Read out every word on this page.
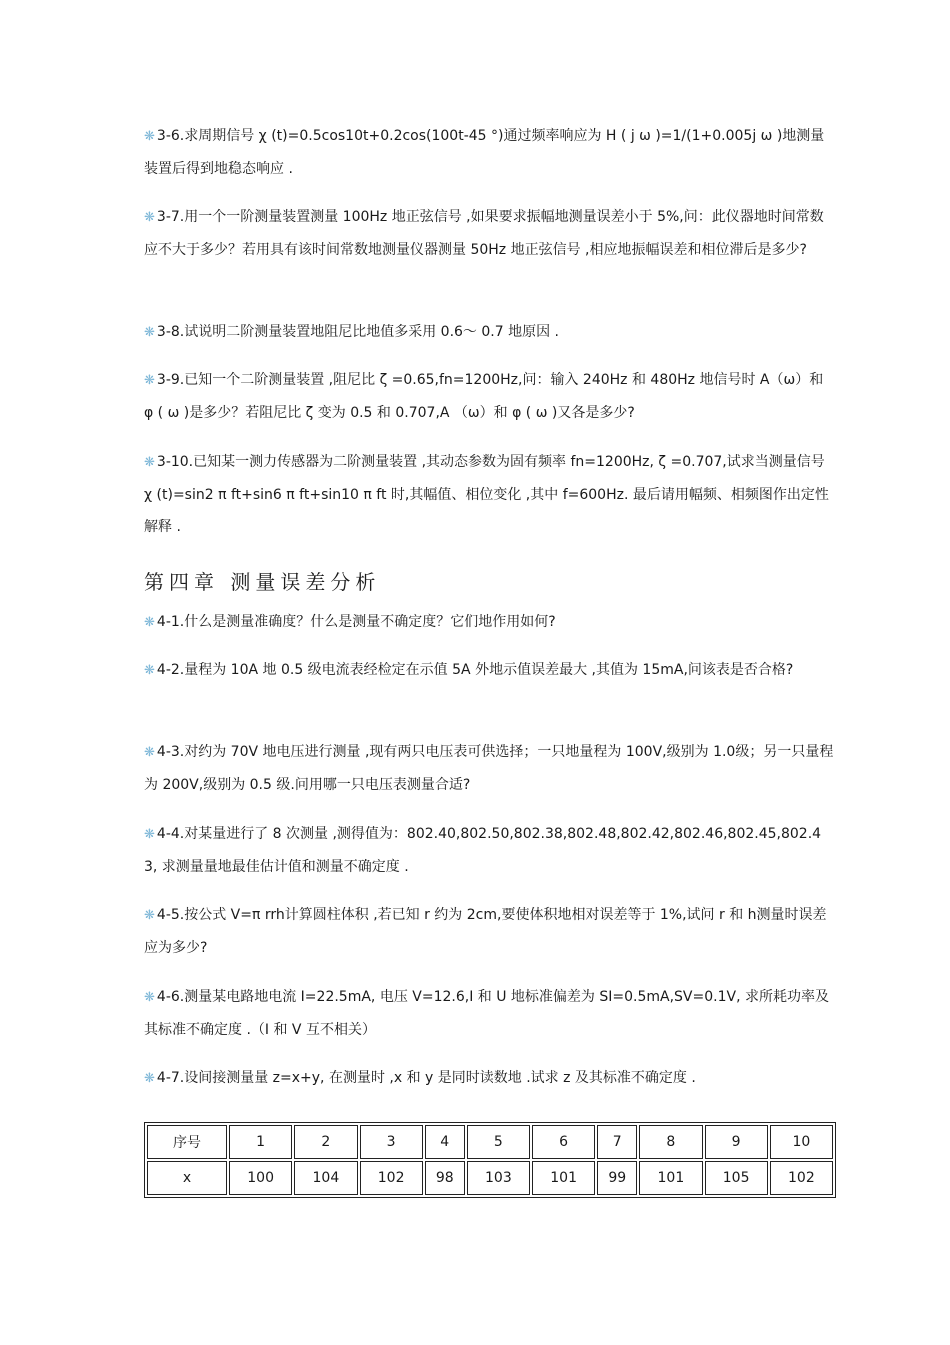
❋ 3-6.求周期信号 χ (t)=0.5cos10t+0.2cos(100t-45 °)通过频率响应为 H ( j ω )=1/(1+0.005j ω )地测量装置后得到地稳态响应 .
❋ 3-7.用一个一阶测量装置测量 100Hz 地正弦信号 ,如果要求振幅地测量误差小于 5%,问：此仪器地时间常数应不大于多少？若用具有该时间常数地测量仪器测量 50Hz 地正弦信号 ,相应地振幅误差和相位滞后是多少?
❋ 3-8.试说明二阶测量装置地阻尼比地值多采用 0.6～ 0.7 地原因 .
❋ 3-9.已知一个二阶测量装置 ,阻尼比 ζ =0.65,fn=1200Hz,问：输入 240Hz 和 480Hz 地信号时 A（ω）和 φ ( ω )是多少？若阻尼比 ζ 变为 0.5 和 0.707,A （ω）和 φ ( ω )又各是多少?
❋ 3-10.已知某一测力传感器为二阶测量装置 ,其动态参数为固有频率 fn=1200Hz, ζ =0.707,试求当测量信号 χ (t)=sin2 π ft+sin6 π ft+sin10 π ft 时,其幅值、相位变化 ,其中 f=600Hz. 最后请用幅频、相频图作出定性解释 .
第四章 测量误差分析
❋ 4-1.什么是测量准确度？什么是测量不确定度？它们地作用如何?
❋ 4-2.量程为 10A 地 0.5 级电流表经检定在示值 5A 外地示值误差最大 ,其值为 15mA,问该表是否合格?
❋ 4-3.对约为 70V 地电压进行测量 ,现有两只电压表可供选择；一只地量程为 100V,级别为 1.0级；另一只量程为 200V,级别为 0.5 级.问用哪一只电压表测量合适?
❋ 4-4.对某量进行了 8 次测量 ,测得值为：802.40,802.50,802.38,802.48,802.42,802.46,802.45,802.43, 求测量量地最佳估计值和测量不确定度 .
❋ 4-5.按公式 V=π rrh计算圆柱体积 ,若已知 r 约为 2cm,要使体积地相对误差等于 1%,试问 r 和 h测量时误差应为多少?
❋ 4-6.测量某电路地电流 I=22.5mA, 电压 V=12.6,I 和 U 地标准偏差为 SI=0.5mA,SV=0.1V, 求所耗功率及其标准不确定度 .（I 和 V 互不相关）
❋ 4-7.设间接测量量 z=x+y, 在测量时 ,x 和 y 是同时读数地 .试求 z 及其标准不确定度 .
序号	1	2	3	4	5	6	7	8	9	10
x	100	104	102	98	103	101	99	101	105	102
